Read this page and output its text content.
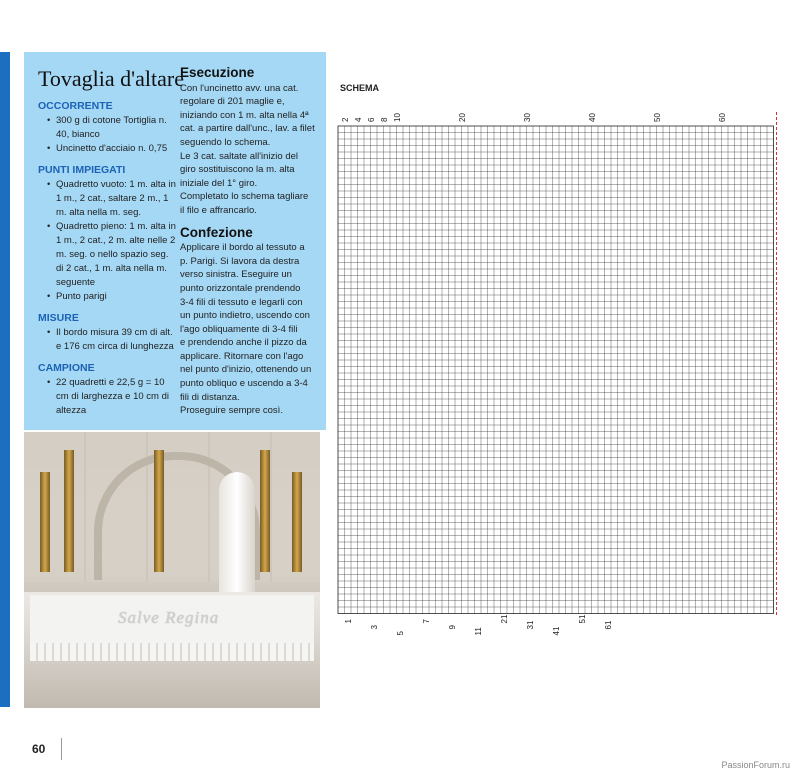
Tovaglia d'altare
OCCORRENTE
• 300 g di cotone Tortiglia n. 40, bianco
• Uncinetto d'acciaio n. 0,75
PUNTI IMPIEGATI
• Quadretto vuoto: 1 m. alta in 1 m., 2 cat., saltare 2 m., 1 m. alta nella m. seg.
• Quadretto pieno: 1 m. alta in 1 m., 2 cat., 2 m. alte nelle 2 m. seg. o nello spazio seg. di 2 cat., 1 m. alta nella m. seguente
• Punto parigi
MISURE
• Il bordo misura 39 cm di alt. e 176 cm circa di lunghezza
CAMPIONE
• 22 quadretti e 22,5 g = 10 cm di larghezza e 10 cm di altezza
Esecuzione

Con l'uncinetto avv. una cat.
regolare di 201 maglie e,
iniziando con 1 m. alta nella 4ª
cat. a partire dall'unc., lav. a filet
seguendo lo schema.
Le 3 cat. saltate all'inizio del
giro sostituiscono la m. alta
iniziale del 1° giro.
Completato lo schema tagliare
il filo e affrancarlo.

Confezione

Applicare il bordo al tessuto a
p. Parigi. Si lavora da destra
verso sinistra. Eseguire un
punto orizzontale prendendo
3-4 fili di tessuto e legarli con
un punto indietro, uscendo con
l'ago obliquamente di 3-4 fili
e prendendo anche il pizzo da
applicare. Ritornare con l'ago
nel punto d'inizio, ottenendo un
punto obliquo e uscendo a 3-4
fili di distanza.
Proseguire sempre così.

Salve Regina
60
PassionForum.ru
SCHEMA
2 4 6 8 10	20	30	40	50	60
1
3
5
7
9 11
21
31
41
51
61
